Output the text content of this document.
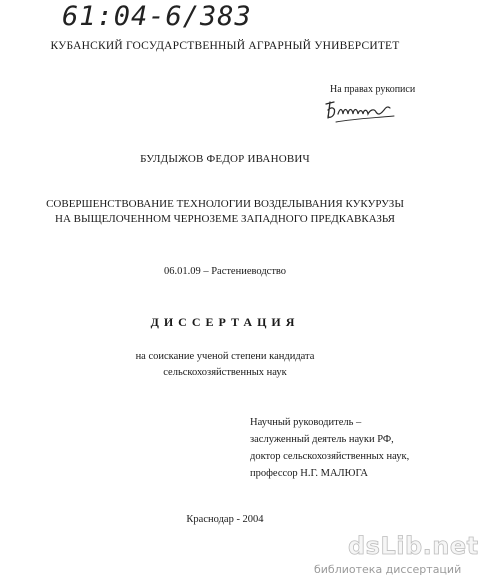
61:04-6/383
КУБАНСКИЙ ГОСУДАРСТВЕННЫЙ АГРАРНЫЙ УНИВЕРСИТЕТ
На правах рукописи
БУЛДЫЖОВ ФЕДОР ИВАНОВИЧ
СОВЕРШЕНСТВОВАНИЕ ТЕХНОЛОГИИ ВОЗДЕЛЫВАНИЯ КУКУРУЗЫ
НА ВЫЩЕЛОЧЕННОМ ЧЕРНОЗЕМЕ ЗАПАДНОГО ПРЕДКАВКАЗЬЯ
06.01.09 – Растениеводство
ДИССЕРТАЦИЯ
на соискание ученой степени кандидата
сельскохозяйственных наук
Научный руководитель –
заслуженный деятель науки РФ,
доктор сельскохозяйственных наук,
профессор Н.Г. МАЛЮГА
Краснодар - 2004
dsLib.net
библиотека диссертаций
